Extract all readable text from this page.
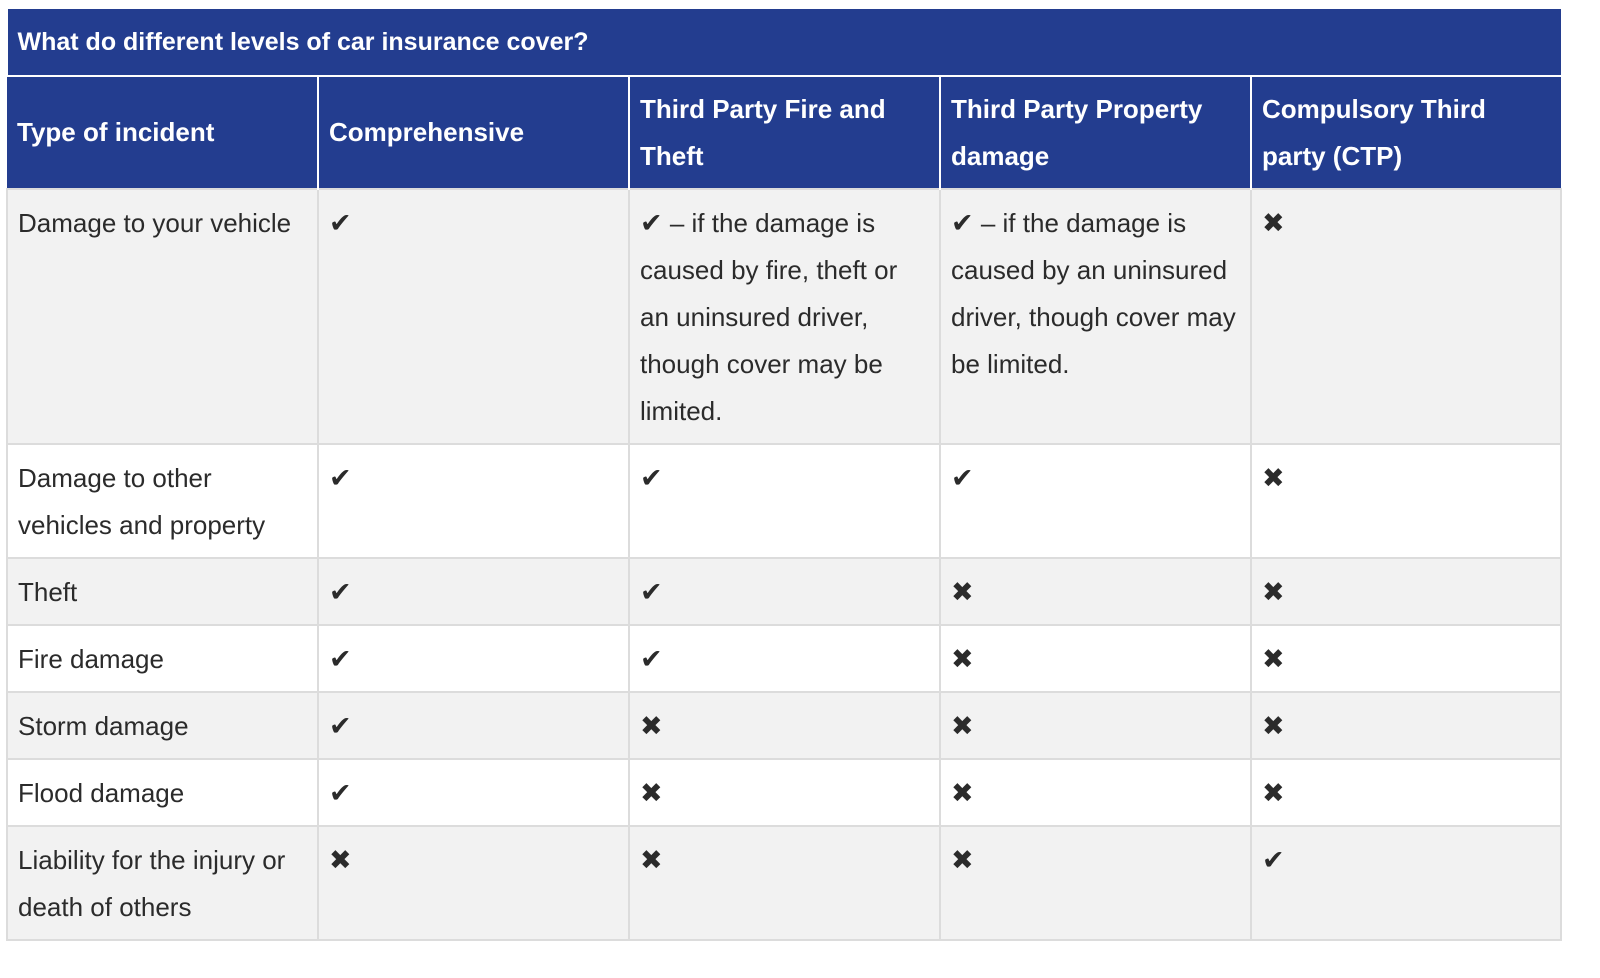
What do different levels of car insurance cover?				
Type of incident	Comprehensive	Third Party Fire and Theft	Third Party Property damage	Compulsory Third party (CTP)
Damage to your vehicle	✔	✔ – if the damage is caused by fire, theft or an uninsured driver, though cover may be limited.	✔ – if the damage is caused by an uninsured driver, though cover may be limited.	✖
Damage to other vehicles and property	✔	✔	✔	✖
Theft	✔	✔	✖	✖
Fire damage	✔	✔	✖	✖
Storm damage	✔	✖	✖	✖
Flood damage	✔	✖	✖	✖
Liability for the injury or death of others	✖	✖	✖	✔
